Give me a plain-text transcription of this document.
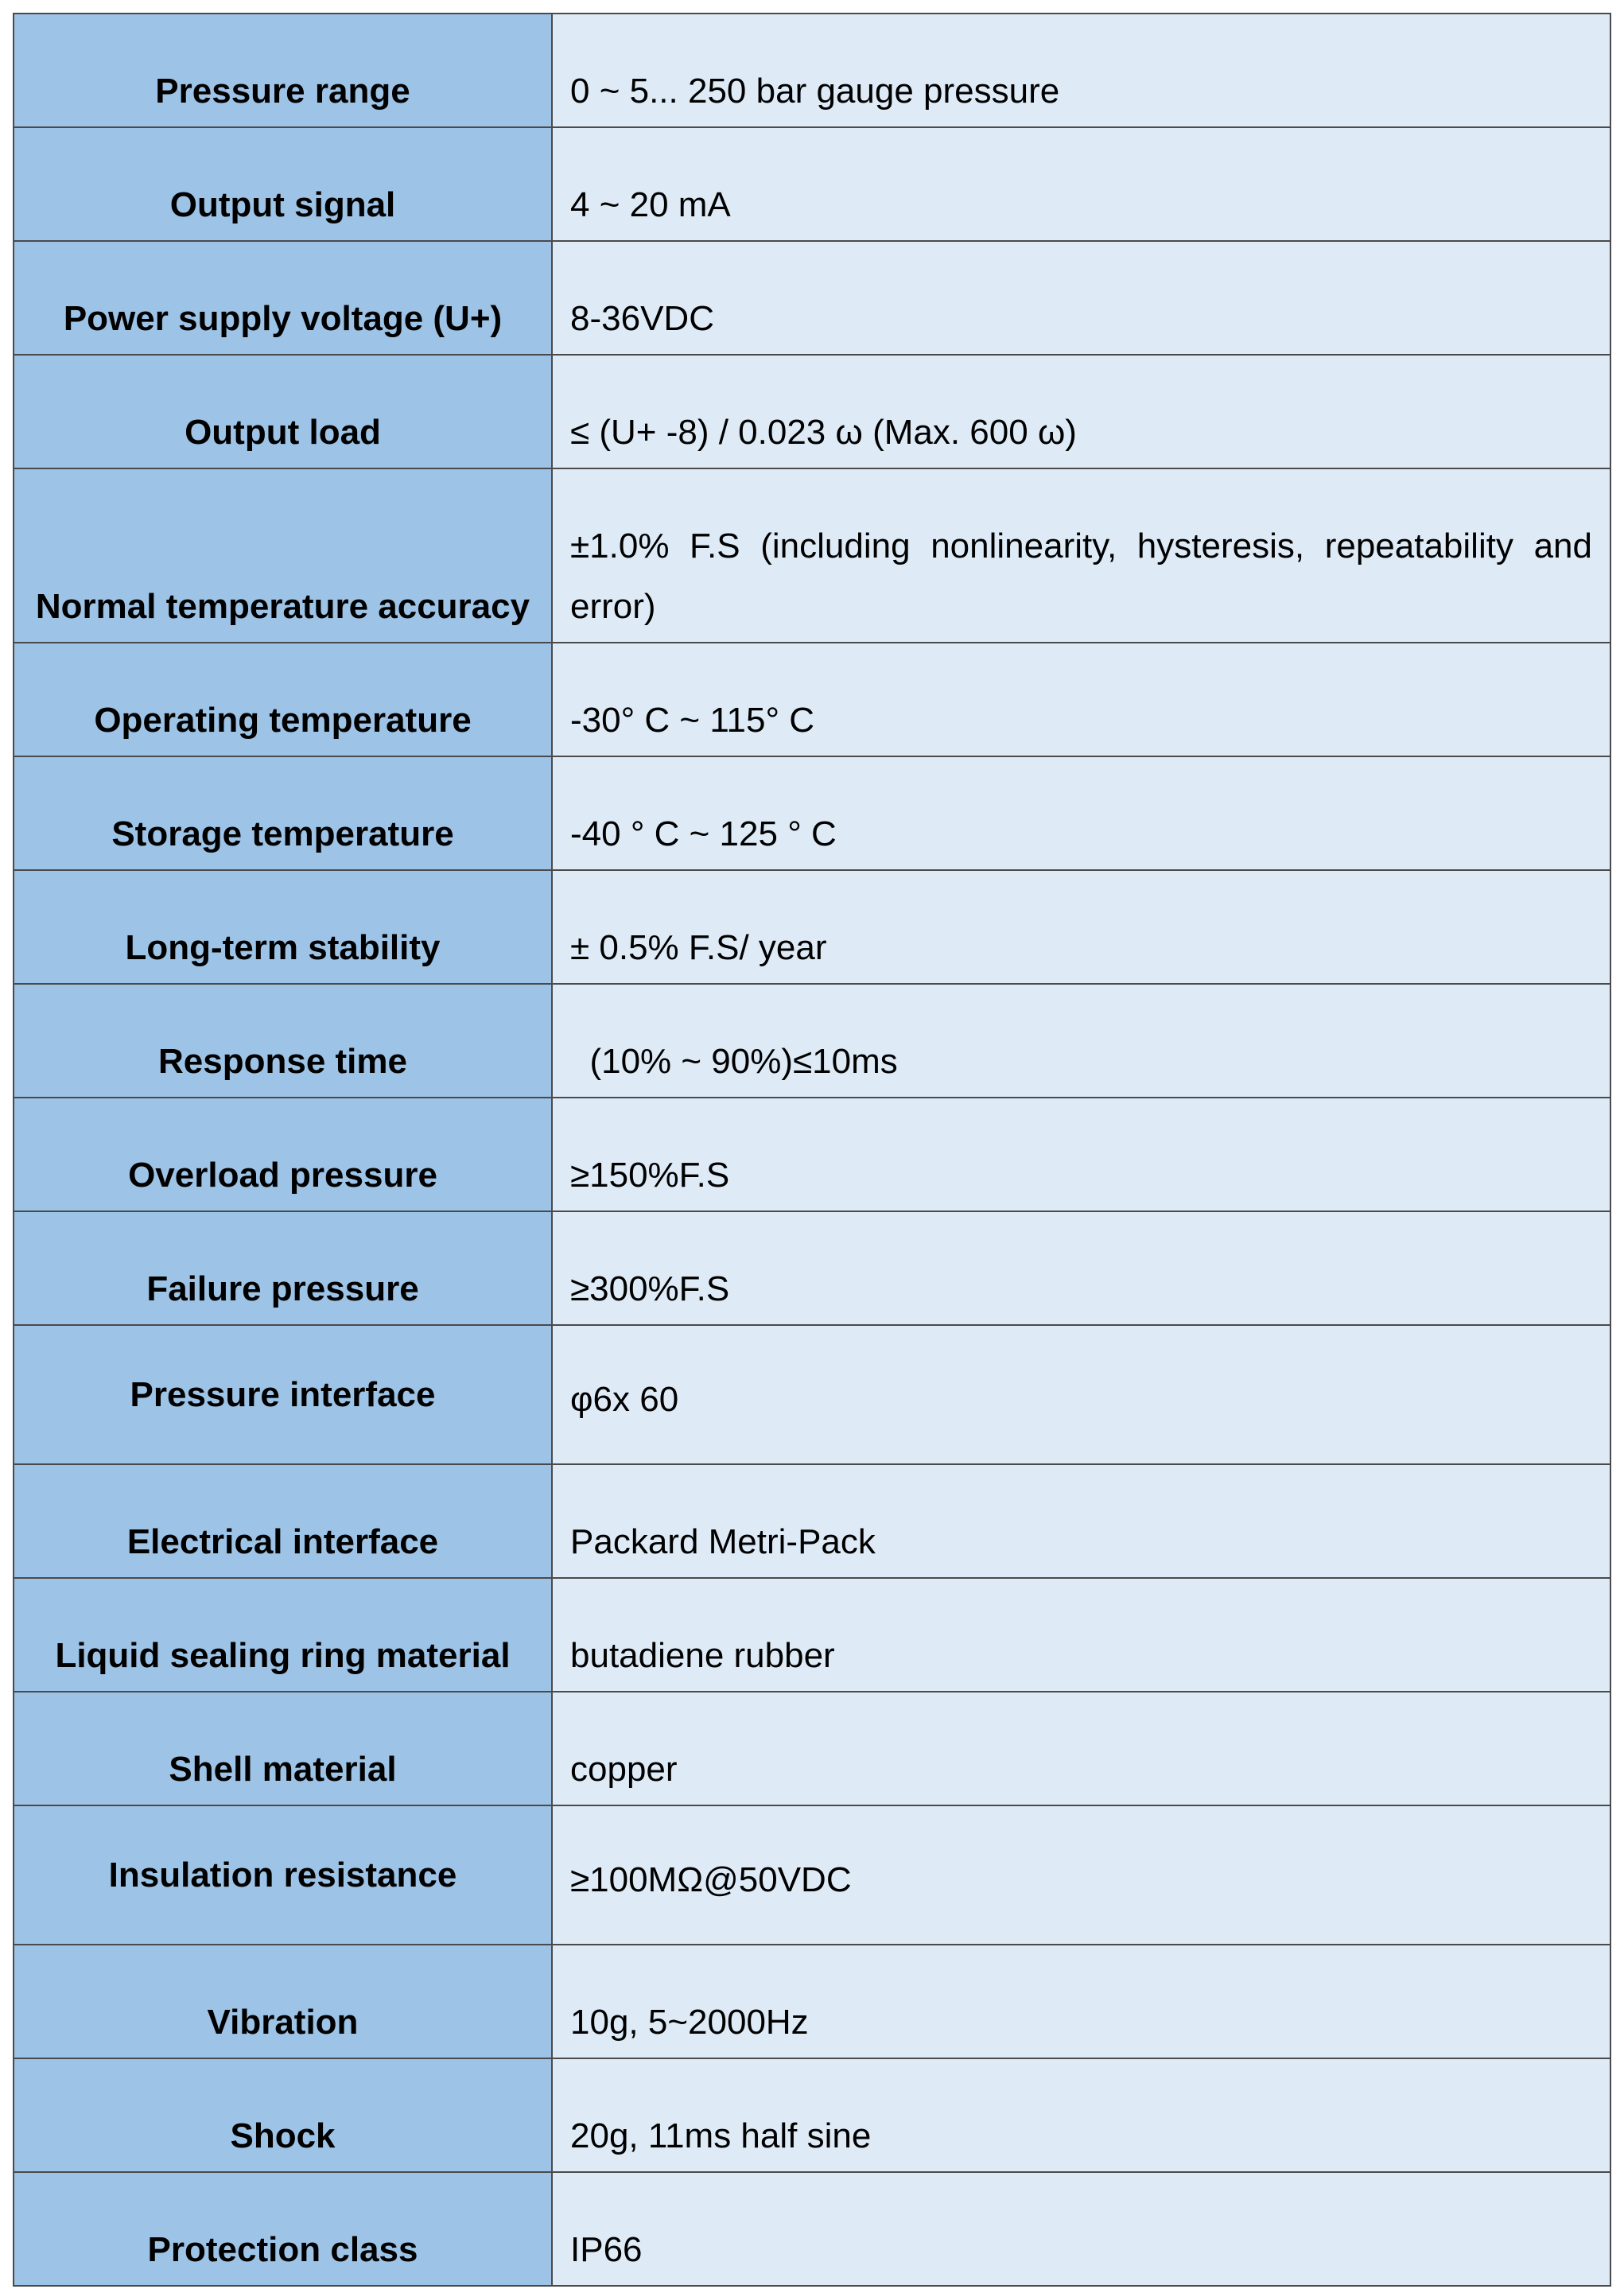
Pressure range	0 ~ 5... 250 bar gauge pressure
Output signal	4 ~ 20 mA
Power supply voltage (U+)	8-36VDC
Output load	≤ (U+ -8) / 0.023 ω (Max. 600 ω)
Normal temperature accuracy	±1.0% F.S (including nonlinearity, hysteresis, repeatability and error)
Operating temperature	-30° C ~ 115° C
Storage temperature	-40 ° C ~ 125 ° C
Long-term stability	± 0.5% F.S/ year
Response time	(10% ~ 90%)≤10ms
Overload pressure	≥150%F.S
Failure pressure	≥300%F.S
Pressure interface	φ6x 60
Electrical interface	Packard Metri-Pack
Liquid sealing ring material	butadiene rubber
Shell material	copper
Insulation resistance	≥100MΩ@50VDC
Vibration	10g, 5~2000Hz
Shock	20g, 11ms half sine
Protection class	IP66
